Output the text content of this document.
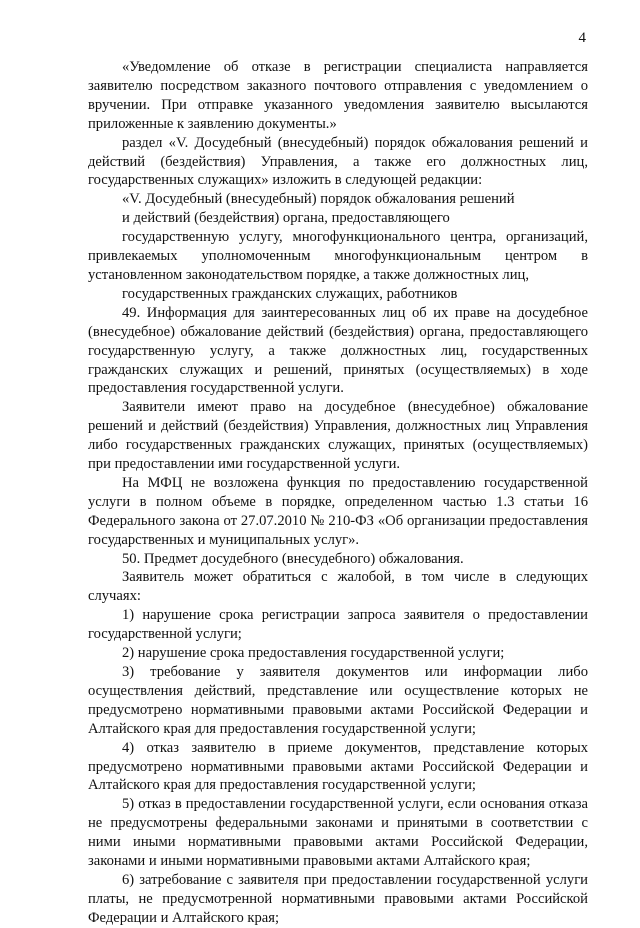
4

«Уведомление об отказе в регистрации специалиста направляется заявителю посредством заказного почтового отправления с уведомлением о вручении. При отправке указанного уведомления заявителю высылаются приложенные к заявлению документы.»

раздел «V. Досудебный (внесудебный) порядок обжалования решений и действий (бездействия) Управления, а также его должностных лиц, государственных служащих» изложить в следующей редакции:

«V. Досудебный (внесудебный) порядок обжалования решений

и действий (бездействия) органа, предоставляющего

государственную услугу, многофункционального центра, организаций, привлекаемых уполномоченным многофункциональным центром в установленном законодательством порядке, а также должностных лиц,

государственных гражданских служащих, работников

49. Информация для заинтересованных лиц об их праве на досудебное (внесудебное) обжалование действий (бездействия) органа, предоставляющего государственную услугу, а также должностных лиц, государственных гражданских служащих и решений, принятых (осуществляемых) в ходе предоставления государственной услуги.

Заявители имеют право на досудебное (внесудебное) обжалование решений и действий (бездействия) Управления, должностных лиц Управления либо государственных гражданских служащих, принятых (осуществляемых) при предоставлении ими государственной услуги.

На МФЦ не возложена функция по предоставлению государственной услуги в полном объеме в порядке, определенном частью 1.3 статьи 16 Федерального закона от 27.07.2010 № 210-ФЗ «Об организации предоставления государственных и муниципальных услуг».

50. Предмет досудебного (внесудебного) обжалования.

Заявитель может обратиться с жалобой, в том числе в следующих случаях:

1) нарушение срока регистрации запроса заявителя о предоставлении государственной услуги;

2) нарушение срока предоставления государственной услуги;

3) требование у заявителя документов или информации либо осуществления действий, представление или осуществление которых не предусмотрено нормативными правовыми актами Российской Федерации и Алтайского края для предоставления государственной услуги;

4) отказ заявителю в приеме документов, представление которых предусмотрено нормативными правовыми актами Российской Федерации и Алтайского края для предоставления государственной услуги;

5) отказ в предоставлении государственной услуги, если основания отказа не предусмотрены федеральными законами и принятыми в соответствии с ними иными нормативными правовыми актами Российской Федерации, законами и иными нормативными правовыми актами Алтайского края;

6) затребование с заявителя при предоставлении государственной услуги платы, не предусмотренной нормативными правовыми актами Российской Федерации и Алтайского края;
